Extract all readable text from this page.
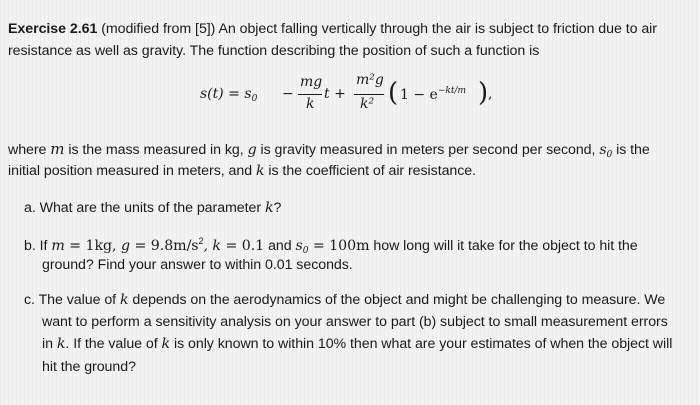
Exercise 2.61 (modified from [5]) An object falling vertically through the air is subject to friction due to air
resistance as well as gravity. The function describing the position of such a function is
$s(t) = s_0$ −
mg
k
t +
m²g
k² ( $1 - e^{-kt/m}$ ) ,
where m is the mass measured in kg, g is gravity measured in meters per second per second, $s_0$ is the
initial position measured in meters, and k is the coefficient of air resistance.
a. What are the units of the parameter k?
b. If m = 1kg, $g = 9.8m/s^2$, k = 0.1 and $s_0 = 100m$ how long will it take for the object to hit the
ground? Find your answer to within 0.01 seconds.
c. The value of k depends on the aerodynamics of the object and might be challenging to measure. We
want to perform a sensitivity analysis on your answer to part (b) subject to small measurement errors
in k. If the value of k is only known to within 10% then what are your estimates of when the object will
hit the ground?
